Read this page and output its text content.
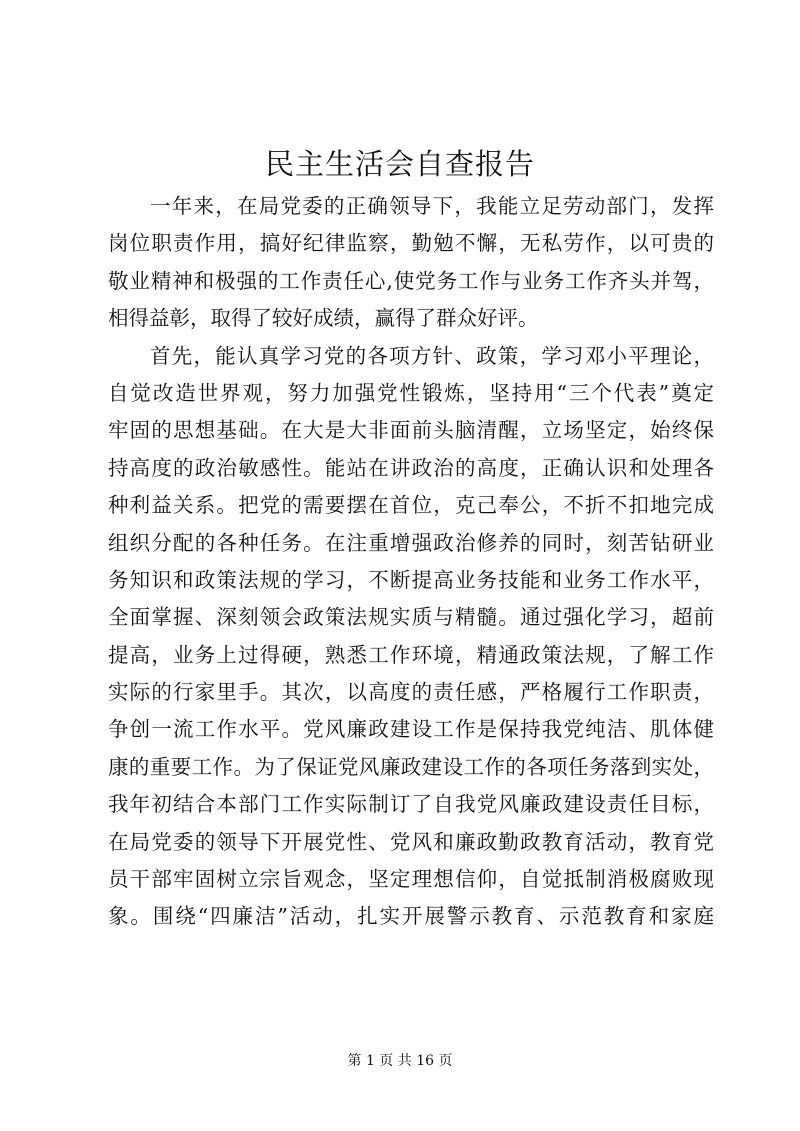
民主生活会自查报告

一年来，在局党委的正确领导下，我能立足劳动部门，发挥

岗位职责作用，搞好纪律监察，勤勉不懈，无私劳作，以可贵的

敬业精神和极强的工作责任心,使党务工作与业务工作齐头并驾，

相得益彰，取得了较好成绩，赢得了群众好评。

首先，能认真学习党的各项方针、政策，学习邓小平理论，

自觉改造世界观，努力加强党性锻炼，坚持用“三个代表”奠定

牢固的思想基础。在大是大非面前头脑清醒，立场坚定，始终保

持高度的政治敏感性。能站在讲政治的高度，正确认识和处理各

种利益关系。把党的需要摆在首位，克己奉公，不折不扣地完成

组织分配的各种任务。在注重增强政治修养的同时，刻苦钻研业

务知识和政策法规的学习，不断提高业务技能和业务工作水平，

全面掌握、深刻领会政策法规实质与精髓。通过强化学习，超前

提高，业务上过得硬，熟悉工作环境，精通政策法规，了解工作

实际的行家里手。其次，以高度的责任感，严格履行工作职责，

争创一流工作水平。党风廉政建设工作是保持我党纯洁、肌体健

康的重要工作。为了保证党风廉政建设工作的各项任务落到实处，

我年初结合本部门工作实际制订了自我党风廉政建设责任目标，

在局党委的领导下开展党性、党风和廉政勤政教育活动，教育党

员干部牢固树立宗旨观念，坚定理想信仰，自觉抵制消极腐败现

象。围绕“四廉洁”活动，扎实开展警示教育、示范教育和家庭

第 1 页 共 16 页
